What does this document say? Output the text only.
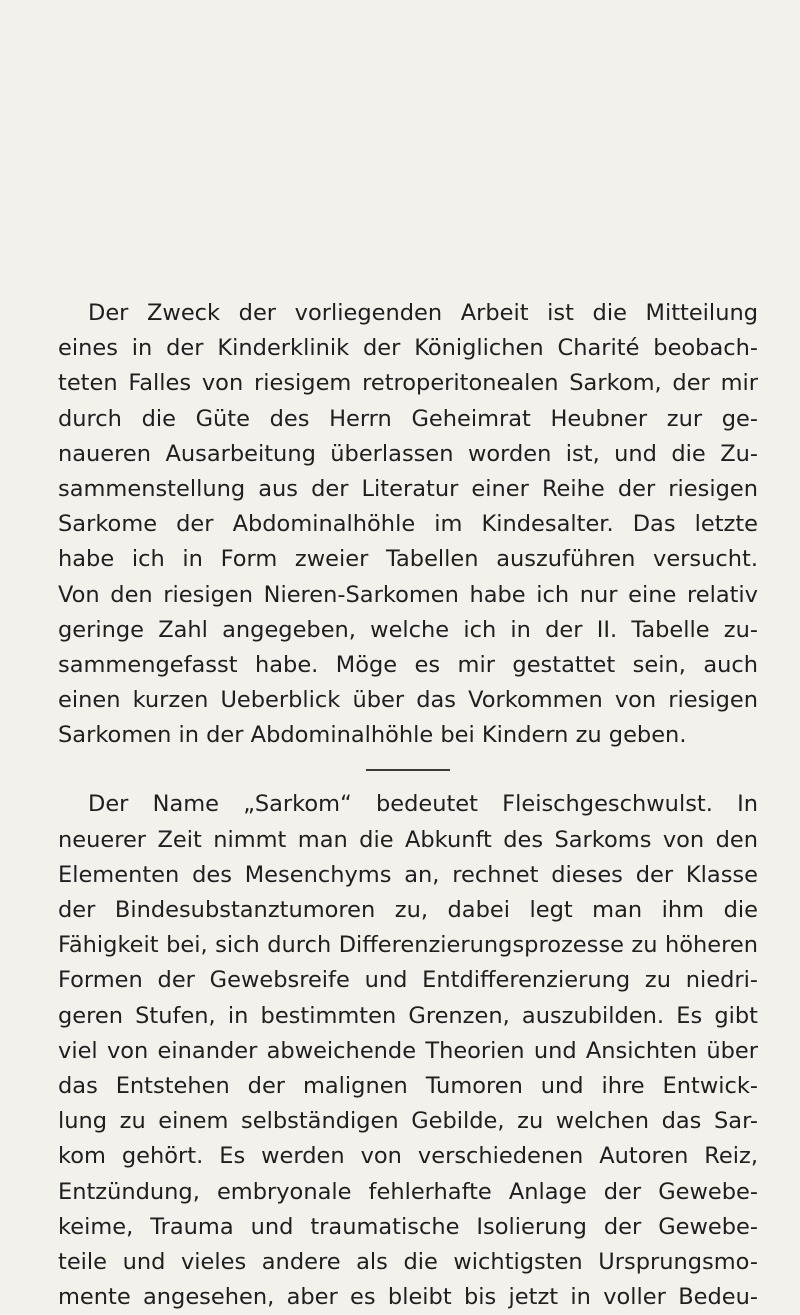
Der Zweck der vorliegenden Arbeit ist die Mitteilung
eines in der Kinderklinik der Königlichen Charité beobach-
teten Falles von riesigem retroperitonealen Sarkom, der mir
durch die Güte des Herrn Geheimrat Heubner zur ge-
naueren Ausarbeitung überlassen worden ist, und die Zu-
sammenstellung aus der Literatur einer Reihe der riesigen
Sarkome der Abdominalhöhle im Kindesalter. Das letzte
habe ich in Form zweier Tabellen auszuführen versucht.
Von den riesigen Nieren-Sarkomen habe ich nur eine relativ
geringe Zahl angegeben, welche ich in der II. Tabelle zu-
sammengefasst habe. Möge es mir gestattet sein, auch
einen kurzen Ueberblick über das Vorkommen von riesigen
Sarkomen in der Abdominalhöhle bei Kindern zu geben.
Der Name „Sarkom“ bedeutet Fleischgeschwulst. In
neuerer Zeit nimmt man die Abkunft des Sarkoms von den
Elementen des Mesenchyms an, rechnet dieses der Klasse
der Bindesubstanztumoren zu, dabei legt man ihm die
Fähigkeit bei, sich durch Differenzierungsprozesse zu höheren
Formen der Gewebsreife und Entdifferenzierung zu niedri-
geren Stufen, in bestimmten Grenzen, auszubilden. Es gibt
viel von einander abweichende Theorien und Ansichten über
das Entstehen der malignen Tumoren und ihre Entwick-
lung zu einem selbständigen Gebilde, zu welchen das Sar-
kom gehört. Es werden von verschiedenen Autoren Reiz,
Entzündung, embryonale fehlerhafte Anlage der Gewebe-
keime, Trauma und traumatische Isolierung der Gewebe-
teile und vieles andere als die wichtigsten Ursprungsmo-
mente angesehen, aber es bleibt bis jetzt in voller Bedeu-
